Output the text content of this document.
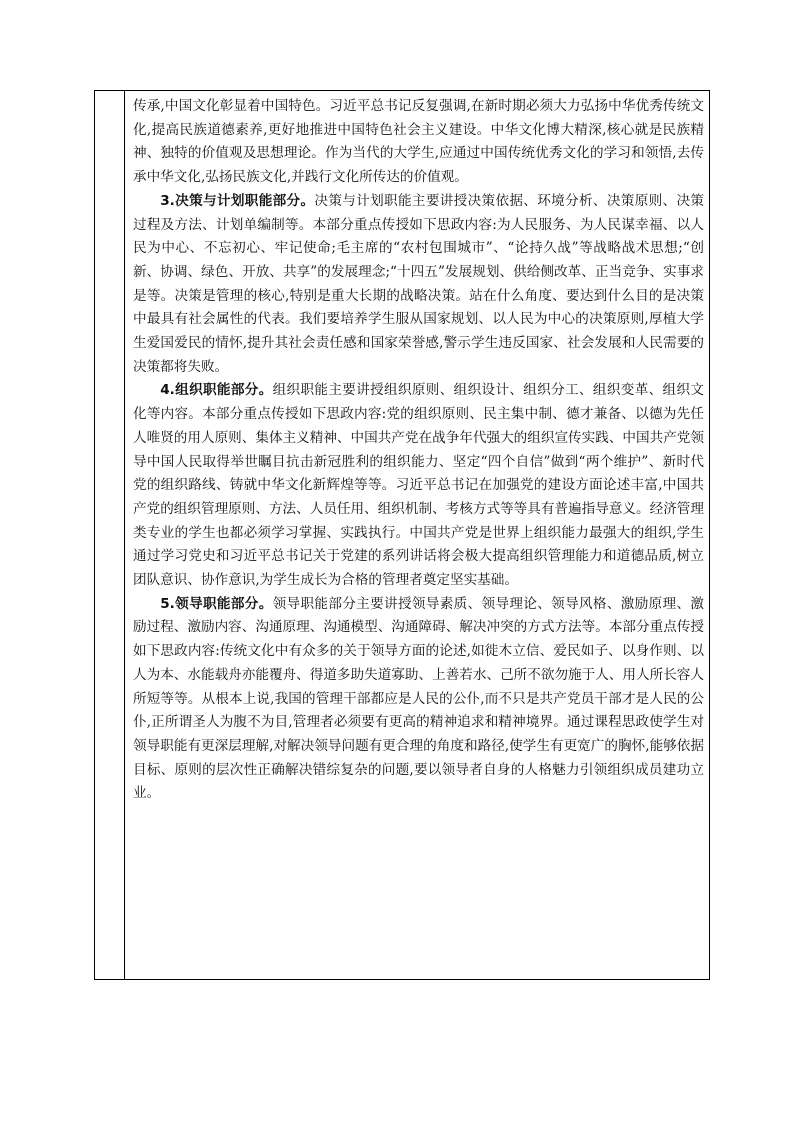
传承,中国文化彰显着中国特色。习近平总书记反复强调,在新时期必须大力弘扬中华优秀传统文化,提高民族道德素养,更好地推进中国特色社会主义建设。中华文化博大精深,核心就是民族精神、独特的价值观及思想理论。作为当代的大学生,应通过中国传统优秀文化的学习和领悟,去传承中华文化,弘扬民族文化,并践行文化所传达的价值观。

3.决策与计划职能部分。决策与计划职能主要讲授决策依据、环境分析、决策原则、决策过程及方法、计划单编制等。本部分重点传授如下思政内容:为人民服务、为人民谋幸福、以人民为中心、不忘初心、牢记使命;毛主席的“农村包围城市”、“论持久战”等战略战术思想;“创新、协调、绿色、开放、共享”的发展理念;“十四五”发展规划、供给侧改革、正当竞争、实事求是等。决策是管理的核心,特别是重大长期的战略决策。站在什么角度、要达到什么目的是决策中最具有社会属性的代表。我们要培养学生服从国家规划、以人民为中心的决策原则,厚植大学生爱国爱民的情怀,提升其社会责任感和国家荣誉感,警示学生违反国家、社会发展和人民需要的决策都将失败。

4.组织职能部分。组织职能主要讲授组织原则、组织设计、组织分工、组织变革、组织文化等内容。本部分重点传授如下思政内容:党的组织原则、民主集中制、德才兼备、以德为先任人唯贤的用人原则、集体主义精神、中国共产党在战争年代强大的组织宣传实践、中国共产党领导中国人民取得举世瞩目抗击新冠胜利的组织能力、坚定“四个自信”做到“两个维护”、新时代党的组织路线、铸就中华文化新辉煌等等。习近平总书记在加强党的建设方面论述丰富,中国共产党的组织管理原则、方法、人员任用、组织机制、考核方式等等具有普遍指导意义。经济管理类专业的学生也都必须学习掌握、实践执行。中国共产党是世界上组织能力最强大的组织,学生通过学习党史和习近平总书记关于党建的系列讲话将会极大提高组织管理能力和道德品质,树立团队意识、协作意识,为学生成长为合格的管理者奠定坚实基础。

5.领导职能部分。领导职能部分主要讲授领导素质、领导理论、领导风格、激励原理、激励过程、激励内容、沟通原理、沟通模型、沟通障碍、解决冲突的方式方法等。本部分重点传授如下思政内容:传统文化中有众多的关于领导方面的论述,如徙木立信、爱民如子、以身作则、以人为本、水能载舟亦能覆舟、得道多助失道寡助、上善若水、己所不欲勿施于人、用人所长容人所短等等。从根本上说,我国的管理干部都应是人民的公仆,而不只是共产党员干部才是人民的公仆,正所谓圣人为腹不为目,管理者必须要有更高的精神追求和精神境界。通过课程思政使学生对领导职能有更深层理解,对解决领导问题有更合理的角度和路径,使学生有更宽广的胸怀,能够依据目标、原则的层次性正确解决错综复杂的问题,要以领导者自身的人格魅力引领组织成员建功立业。
